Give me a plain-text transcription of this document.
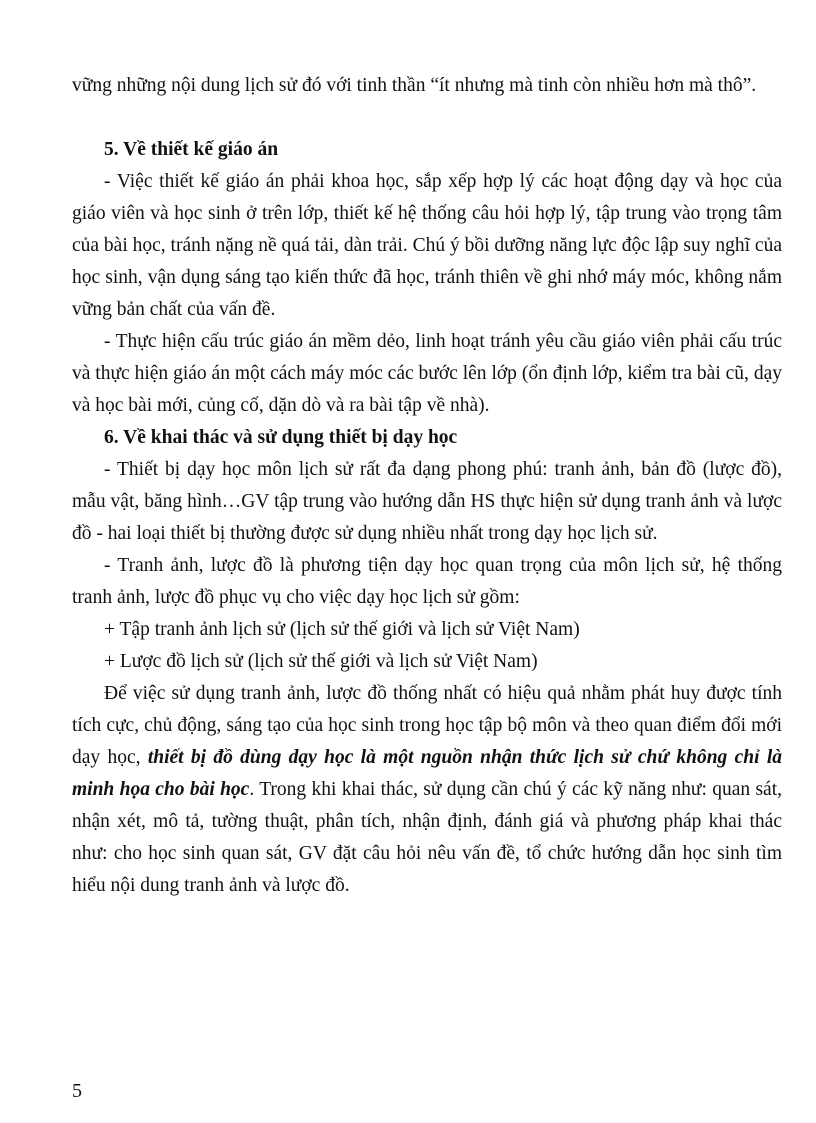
vững những nội dung lịch sử đó với tinh thần “ít nhưng mà tinh còn nhiều hơn mà thô”.

5. Về thiết kế giáo án

- Việc thiết kế giáo án phải khoa học, sắp xếp hợp lý các hoạt động dạy và học của giáo viên và học sinh ở trên lớp, thiết kế hệ thống câu hỏi hợp lý, tập trung vào trọng tâm của bài học, tránh nặng nề quá tải, dàn trải. Chú ý bồi dưỡng năng lực độc lập suy nghĩ của học sinh, vận dụng sáng tạo kiến thức đã học, tránh thiên về ghi nhớ máy móc, không nắm vững bản chất của vấn đề.

- Thực hiện cấu trúc giáo án mềm dẻo, linh hoạt tránh yêu cầu giáo viên phải cấu trúc và thực hiện giáo án một cách máy móc các bước lên lớp (ổn định lớp, kiểm tra bài cũ, dạy và học bài mới, củng cố, dặn dò và ra bài tập về nhà).

6. Về khai thác và sử dụng thiết bị dạy học

- Thiết bị dạy học môn lịch sử rất đa dạng phong phú: tranh ảnh, bản đồ (lược đồ), mẫu vật, băng hình…GV tập trung vào hướng dẫn HS thực hiện sử dụng tranh ảnh và lược đồ - hai loại thiết bị thường được sử dụng nhiều nhất trong dạy học lịch sử.

- Tranh ảnh, lược đồ là phương tiện dạy học quan trọng của môn lịch sử, hệ thống tranh ảnh, lược đồ phục vụ cho việc dạy học lịch sử gồm:

+ Tập tranh ảnh lịch sử (lịch sử thế giới và lịch sử Việt Nam)

+ Lược đồ lịch sử (lịch sử thế giới và lịch sử Việt Nam)

Để việc sử dụng tranh ảnh, lược đồ thống nhất có hiệu quả nhằm phát huy được tính tích cực, chủ động, sáng tạo của học sinh trong học tập bộ môn và theo quan điểm đổi mới dạy học, thiết bị đồ dùng dạy học là một nguồn nhận thức lịch sử chứ không chỉ là minh họa cho bài học. Trong khi khai thác, sử dụng cần chú ý các kỹ năng như: quan sát, nhận xét, mô tả, tường thuật, phân tích, nhận định, đánh giá và phương pháp khai thác như: cho học sinh quan sát, GV đặt câu hỏi nêu vấn đề, tổ chức hướng dẫn học sinh tìm hiểu nội dung tranh ảnh và lược đồ.

5
